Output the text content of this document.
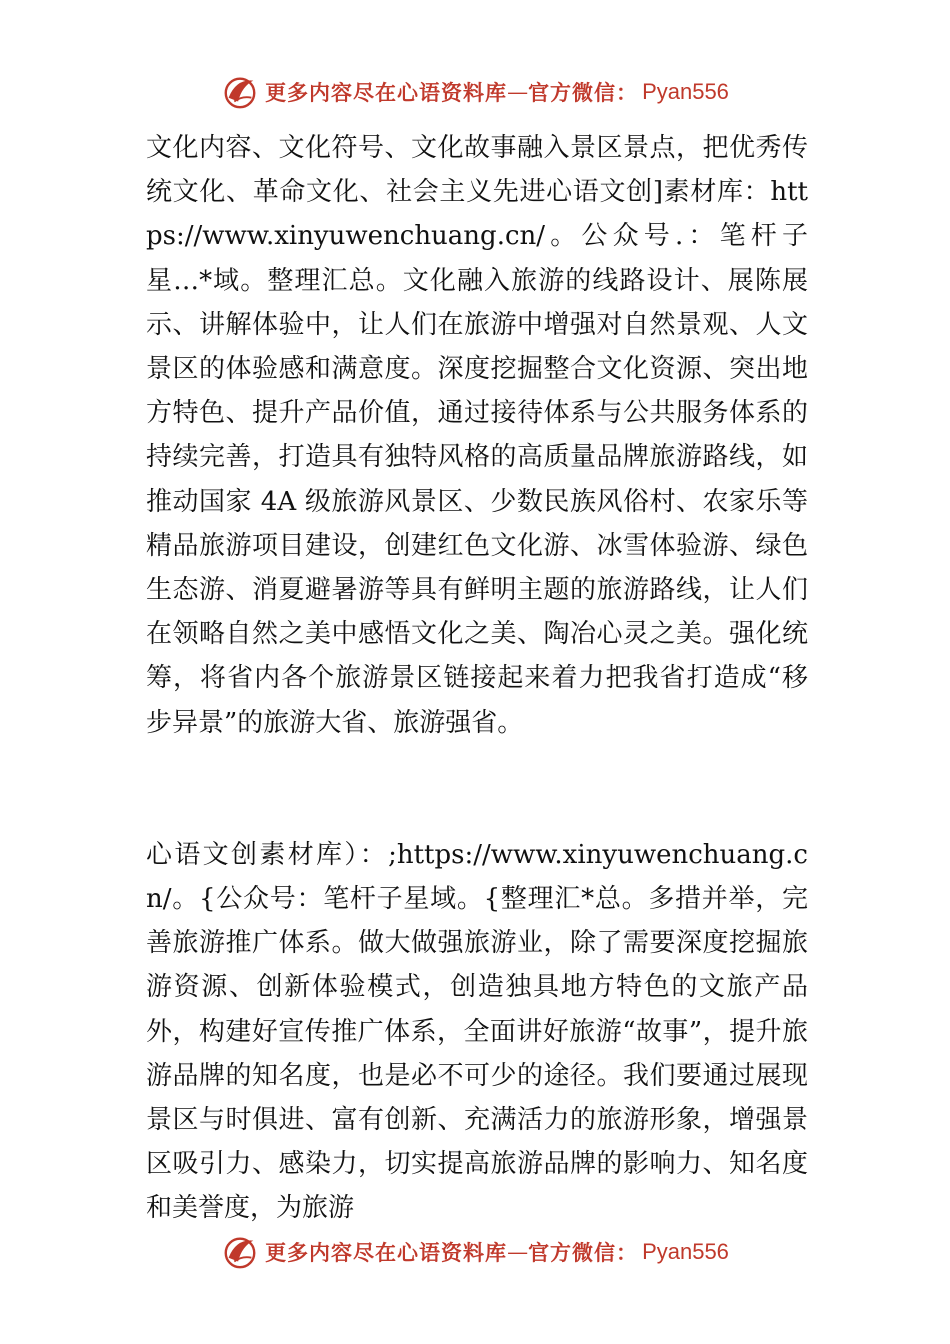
更多内容尽在心语资料库 — 官方微信： Pyan556

文化内容、文化符号、文化故事融入景区景点，把优秀传统文化、革命文化、社会主义先进心语文创]素材库：https://www.xinyuwenchuang.cn/。公众号.：笔杆子星…*域。整理汇总。文化融入旅游的线路设计、展陈展示、讲解体验中，让人们在旅游中增强对自然景观、人文景区的体验感和满意度。深度挖掘整合文化资源、突出地方特色、提升产品价值，通过接待体系与公共服务体系的持续完善，打造具有独特风格的高质量品牌旅游路线，如推动国家 4A 级旅游风景区、少数民族风俗村、农家乐等精品旅游项目建设，创建红色文化游、冰雪体验游、绿色生态游、消夏避暑游等具有鲜明主题的旅游路线，让人们在领略自然之美中感悟文化之美、陶冶心灵之美。强化统筹，将省内各个旅游景区链接起来着力把我省打造成“移步异景”的旅游大省、旅游强省。

心语文创素材库）：;https://www.xinyuwenchuang.cn/。{公众号：笔杆子星域。{整理汇*总。多措并举，完善旅游推广体系。做大做强旅游业，除了需要深度挖掘旅游资源、创新体验模式，创造独具地方特色的文旅产品外，构建好宣传推广体系，全面讲好旅游“故事”，提升旅游品牌的知名度，也是必不可少的途径。我们要通过展现景区与时俱进、富有创新、充满活力的旅游形象，增强景区吸引力、感染力，切实提高旅游品牌的影响力、知名度和美誉度，为旅游

更多内容尽在心语资料库 — 官方微信： Pyan556
